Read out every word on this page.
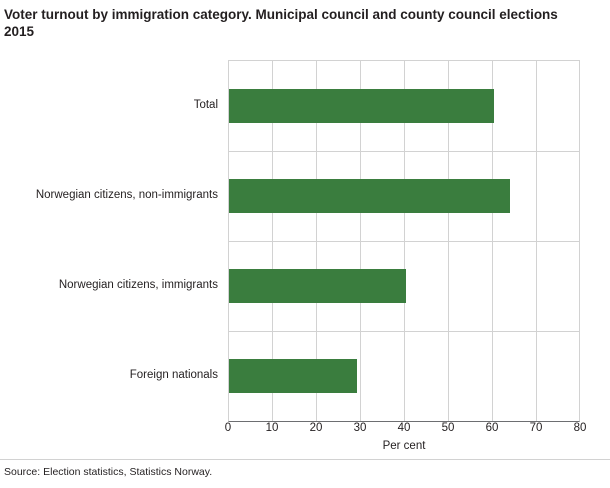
Voter turnout by immigration category. Municipal council and county council elections 2015
Total
Norwegian citizens, non-immigrants
Norwegian citizens, immigrants
Foreign nationals
0	10	20	30	40	50	60	70	80
Per cent
Source: Election statistics, Statistics Norway.
